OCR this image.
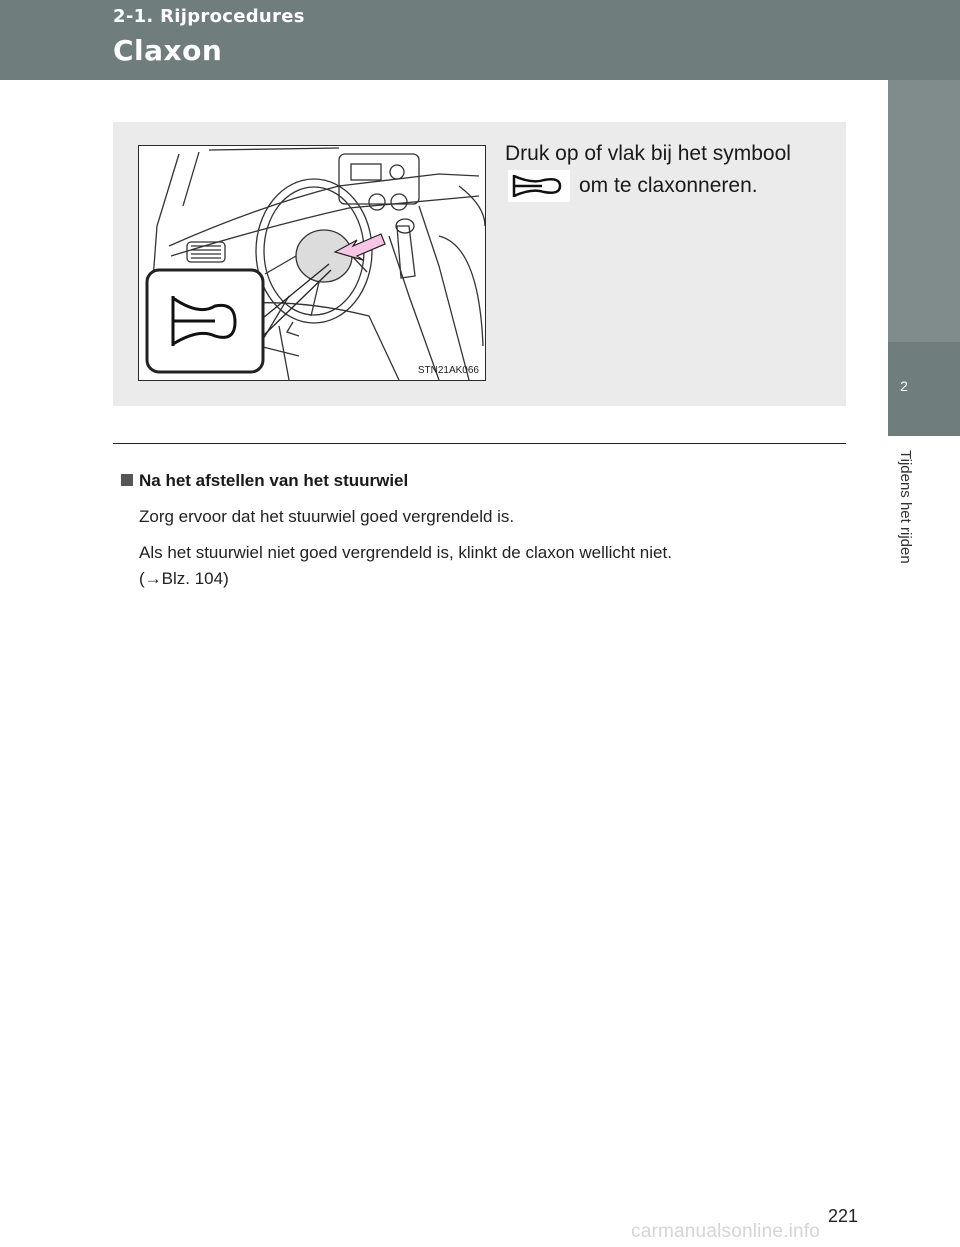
2-1. Rijprocedures
Claxon
2
Tijdens het rijden
STN21AK066
Druk op of vlak bij het symbool
om te claxonneren.
Na het afstellen van het stuurwiel
Zorg ervoor dat het stuurwiel goed vergrendeld is.
Als het stuurwiel niet goed vergrendeld is, klinkt de claxon wellicht niet.
(→Blz. 104)
221
carmanualsonline.info
